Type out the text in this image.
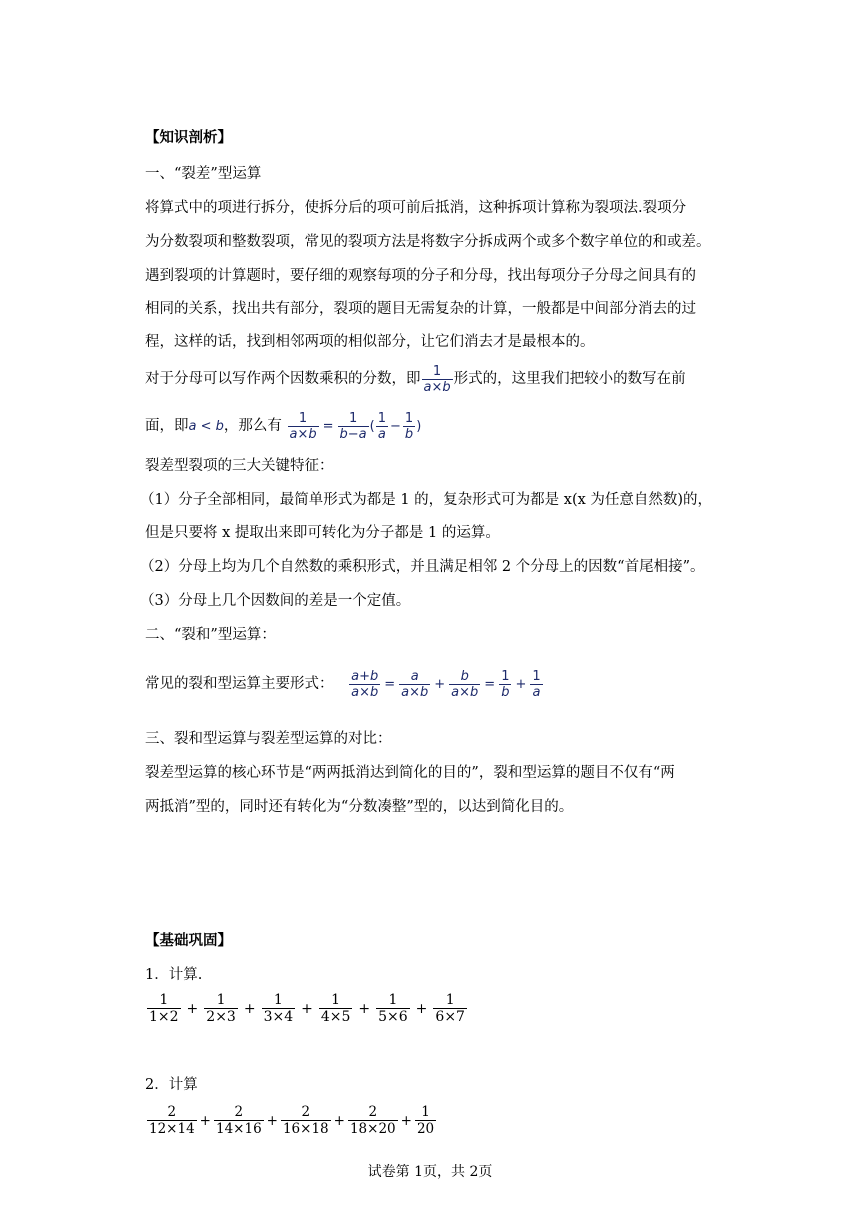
【知识剖析】
一、“裂差”型运算
将算式中的项进行拆分，使拆分后的项可前后抵消，这种拆项计算称为裂项法.裂项分
为分数裂项和整数裂项，常见的裂项方法是将数字分拆成两个或多个数字单位的和或差。
遇到裂项的计算题时，要仔细的观察每项的分子和分母，找出每项分子分母之间具有的
相同的关系，找出共有部分，裂项的题目无需复杂的计算，一般都是中间部分消去的过
程，这样的话，找到相邻两项的相似部分，让它们消去才是最根本的。
对于分母可以写作两个因数乘积的分数，即 $\frac{1}{a\times b}$ 形式的，这里我们把较小的数写在前
面，即a < b，那么有 $\frac{1}{a\times b} = \frac{1}{b-a}$ ( $\frac{1}{a} - \frac{1}{b}$ )
裂差型裂项的三大关键特征：
（1）分子全部相同，最简单形式为都是 1 的，复杂形式可为都是 x(x 为任意自然数)的，
但是只要将 x 提取出来即可转化为分子都是 1 的运算。
（2）分母上均为几个自然数的乘积形式，并且满足相邻 2 个分母上的因数“首尾相接”。
（3）分母上几个因数间的差是一个定值。
二、“裂和”型运算：
常见的裂和型运算主要形式： $\frac{a+b}{a\times b} = \frac{a}{a\times b} + \frac{b}{a\times b} = \frac{1}{b} + \frac{1}{a}$
三、裂和型运算与裂差型运算的对比：
裂差型运算的核心环节是“两两抵消达到简化的目的”，裂和型运算的题目不仅有“两
两抵消”型的，同时还有转化为“分数凑整”型的，以达到简化目的。
【基础巩固】
1．计算.
$\frac{1}{1\times 2} + \frac{1}{2\times 3} + \frac{1}{3\times 4} + \frac{1}{4\times 5} + \frac{1}{5\times 6} + \frac{1}{6\times 7}$
2．计算
$\frac{2}{12\times 14} + \frac{2}{14\times 16} + \frac{2}{16\times 18} + \frac{2}{18\times 20} + \frac{1}{20}$
试卷第 1页，共 2页
